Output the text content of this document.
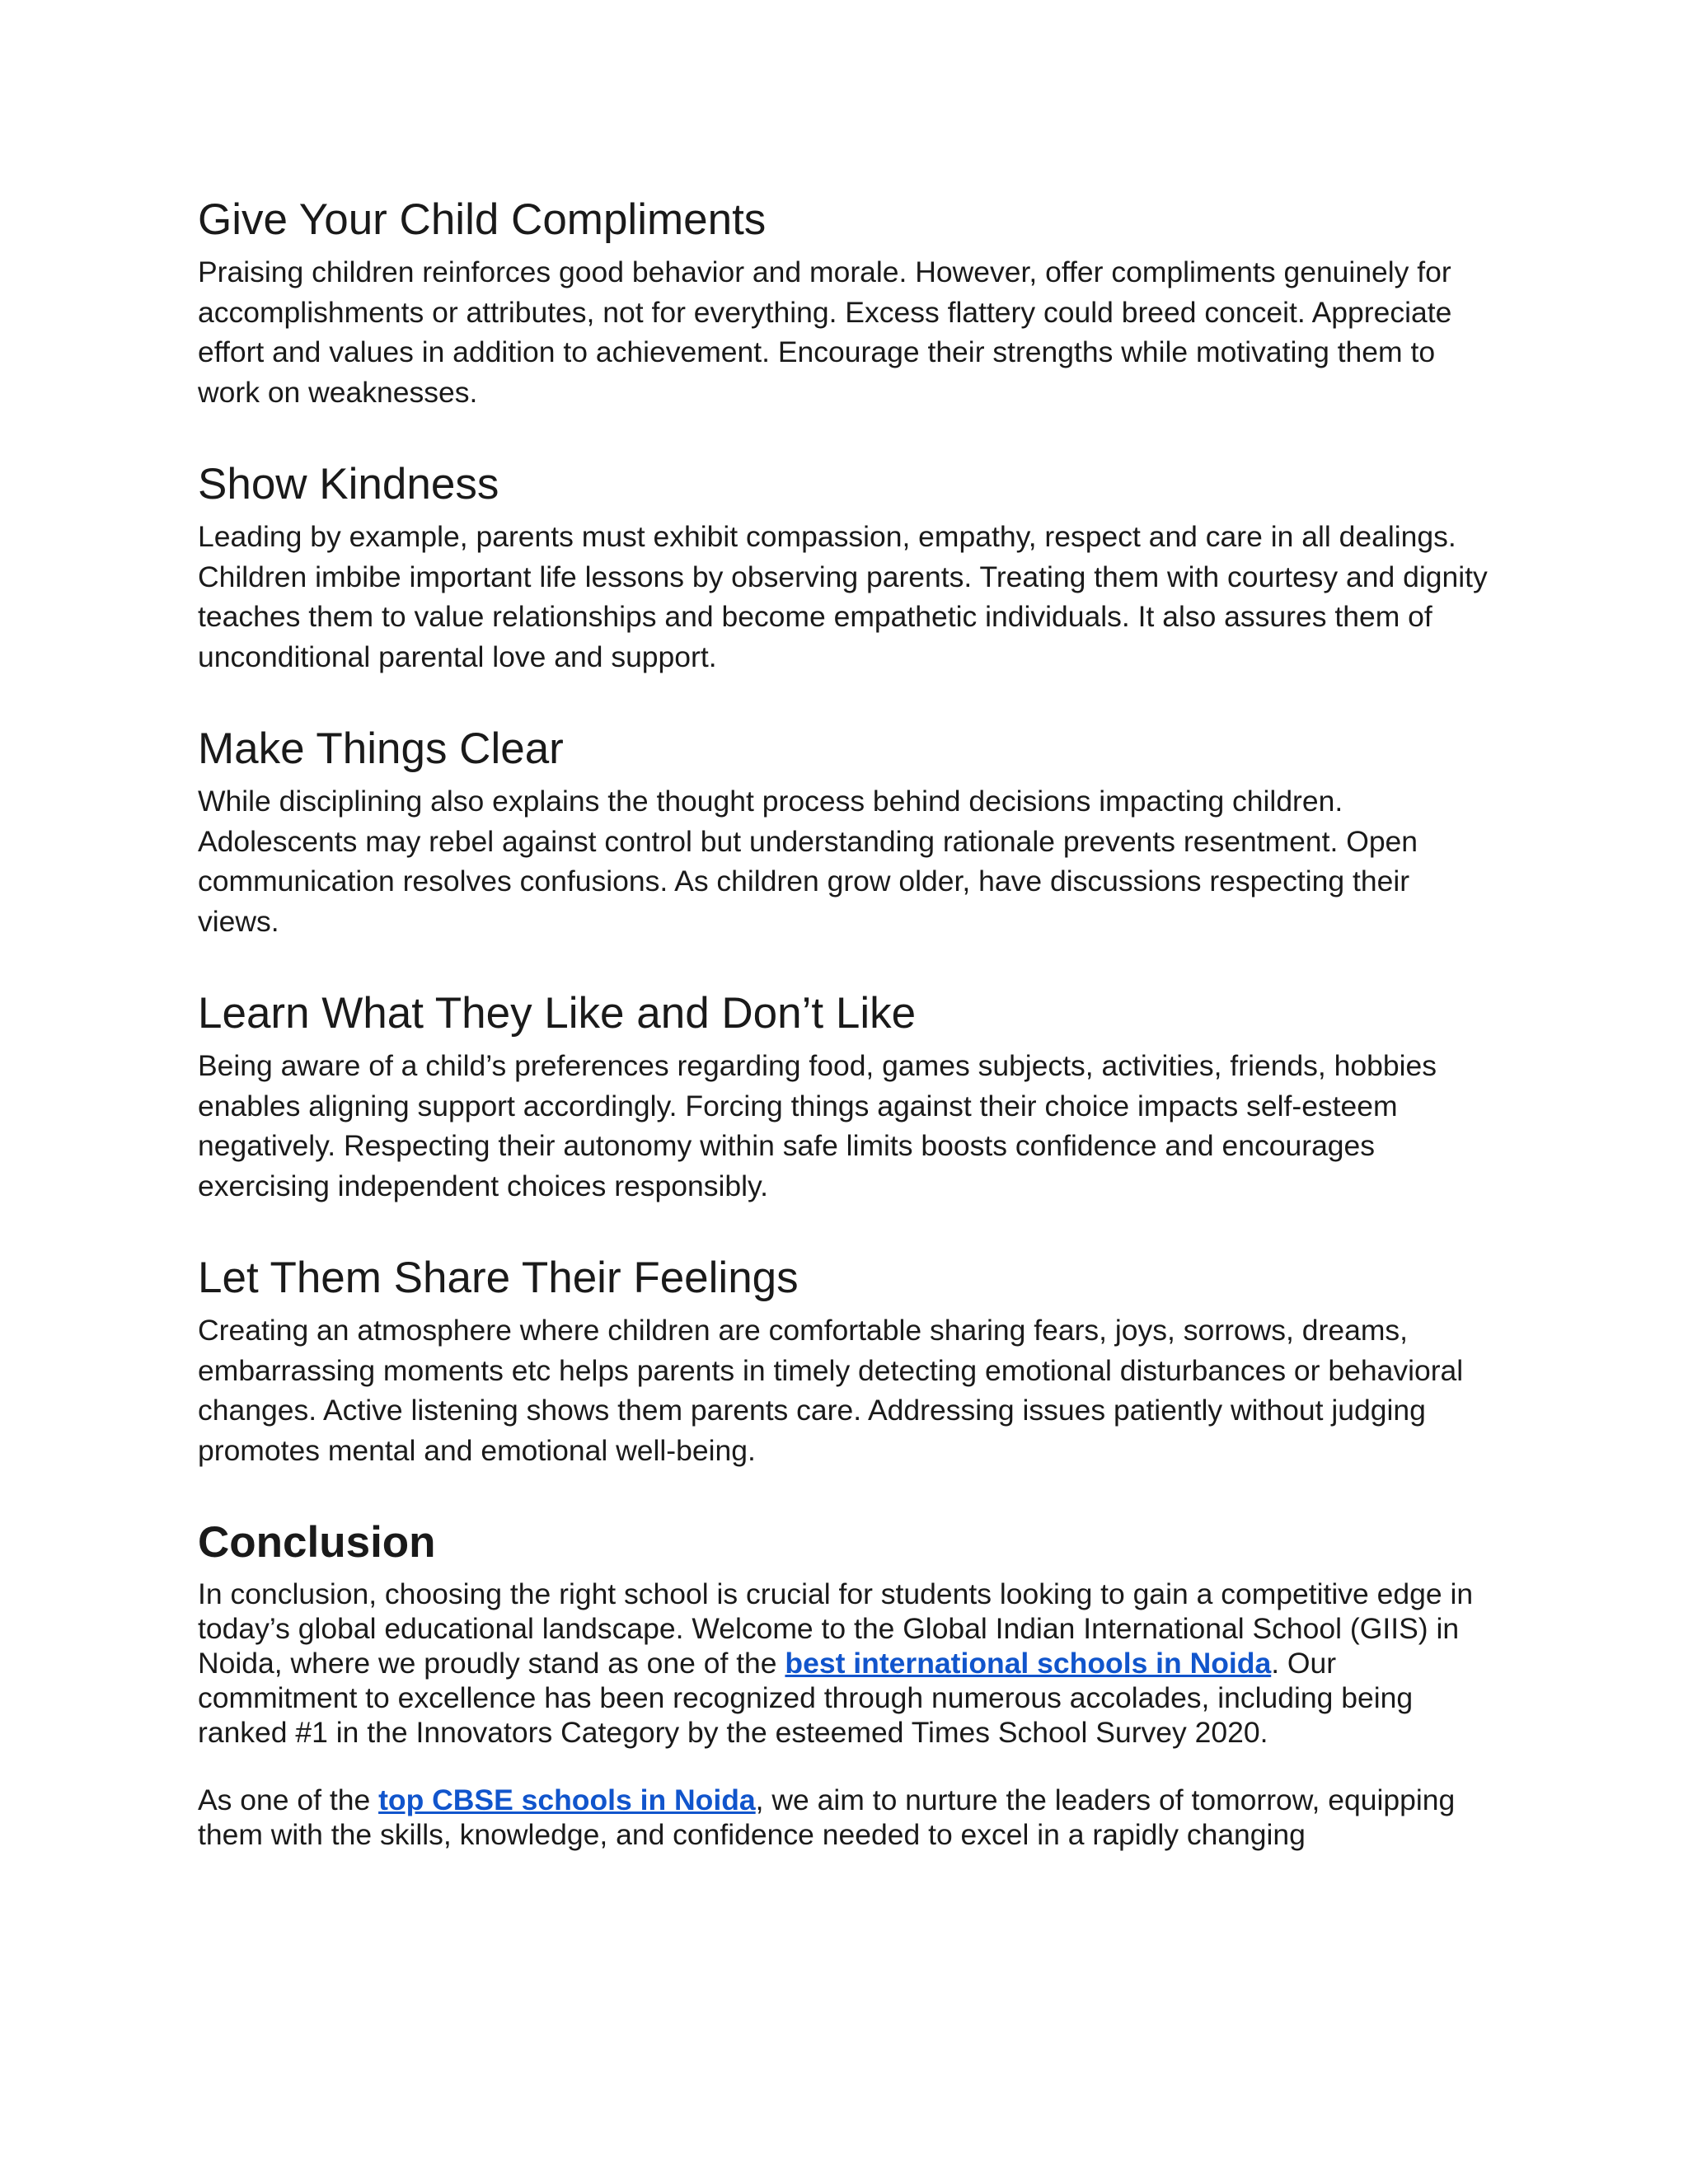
Give Your Child Compliments

Praising children reinforces good behavior and morale. However, offer compliments genuinely for accomplishments or attributes, not for everything. Excess flattery could breed conceit. Appreciate effort and values in addition to achievement. Encourage their strengths while motivating them to work on weaknesses.

Show Kindness

Leading by example, parents must exhibit compassion, empathy, respect and care in all dealings. Children imbibe important life lessons by observing parents. Treating them with courtesy and dignity teaches them to value relationships and become empathetic individuals. It also assures them of unconditional parental love and support.

Make Things Clear

While disciplining also explains the thought process behind decisions impacting children. Adolescents may rebel against control but understanding rationale prevents resentment. Open communication resolves confusions. As children grow older, have discussions respecting their views.

Learn What They Like and Don’t Like

Being aware of a child’s preferences regarding food, games subjects, activities, friends, hobbies enables aligning support accordingly. Forcing things against their choice impacts self-esteem negatively. Respecting their autonomy within safe limits boosts confidence and encourages exercising independent choices responsibly.

Let Them Share Their Feelings

Creating an atmosphere where children are comfortable sharing fears, joys, sorrows, dreams, embarrassing moments etc helps parents in timely detecting emotional disturbances or behavioral changes. Active listening shows them parents care. Addressing issues patiently without judging promotes mental and emotional well-being.

Conclusion

In conclusion, choosing the right school is crucial for students looking to gain a competitive edge in today’s global educational landscape. Welcome to the Global Indian International School (GIIS) in Noida, where we proudly stand as one of the best international schools in Noida. Our commitment to excellence has been recognized through numerous accolades, including being ranked #1 in the Innovators Category by the esteemed Times School Survey 2020.

As one of the top CBSE schools in Noida, we aim to nurture the leaders of tomorrow, equipping them with the skills, knowledge, and confidence needed to excel in a rapidly changing
